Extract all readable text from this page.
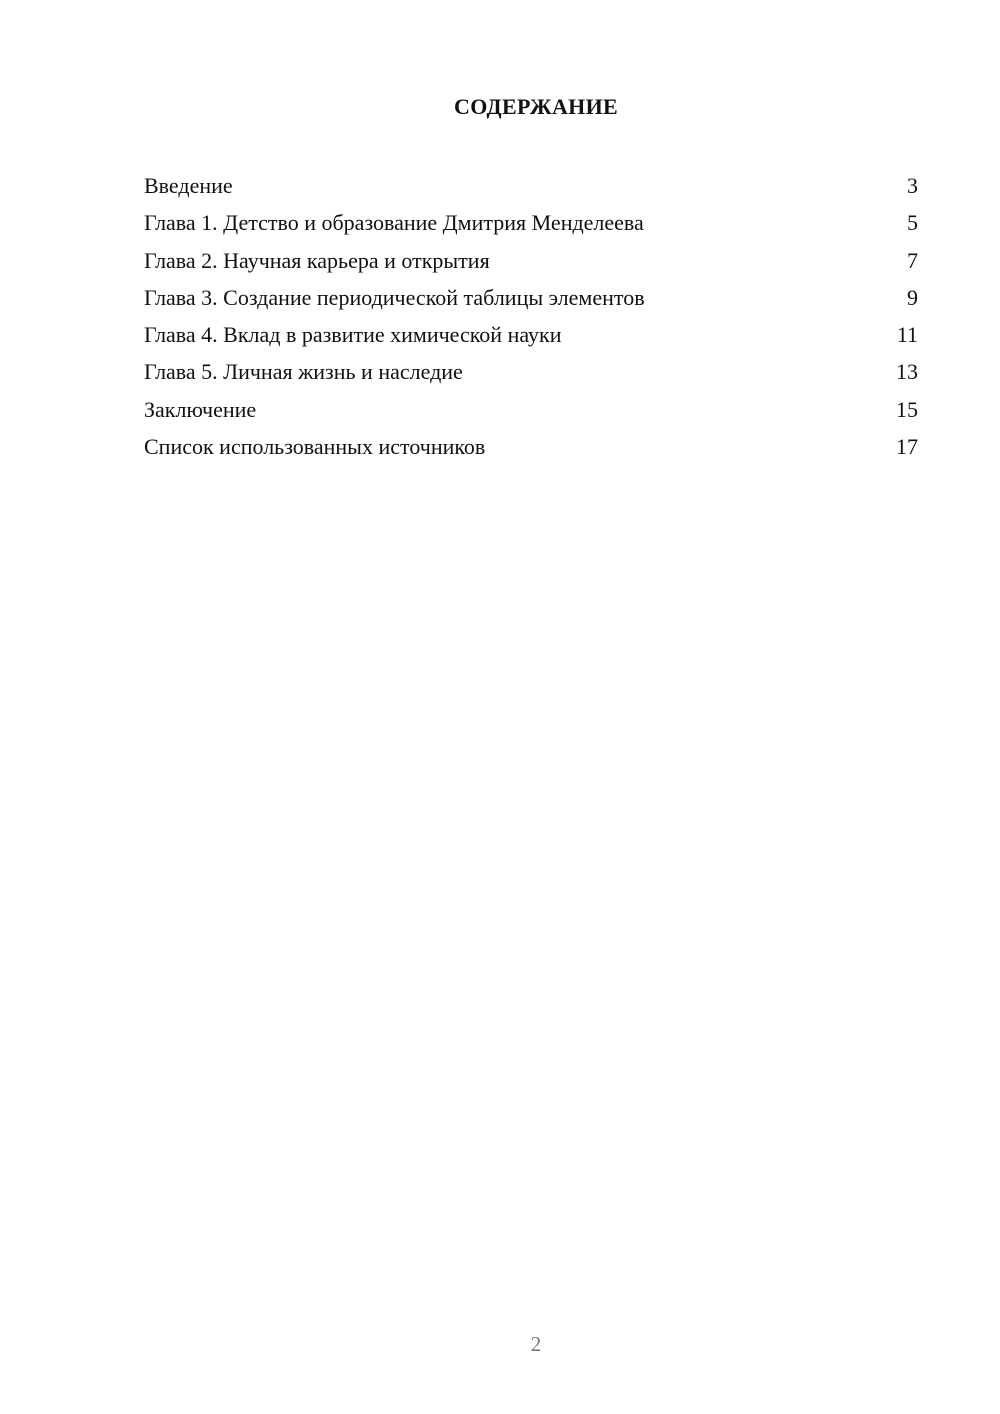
СОДЕРЖАНИЕ
Введение	3
Глава 1. Детство и образование Дмитрия Менделеева	5
Глава 2. Научная карьера и открытия	7
Глава 3. Создание периодической таблицы элементов	9
Глава 4. Вклад в развитие химической науки	11
Глава 5. Личная жизнь и наследие	13
Заключение	15
Список использованных источников	17
2
